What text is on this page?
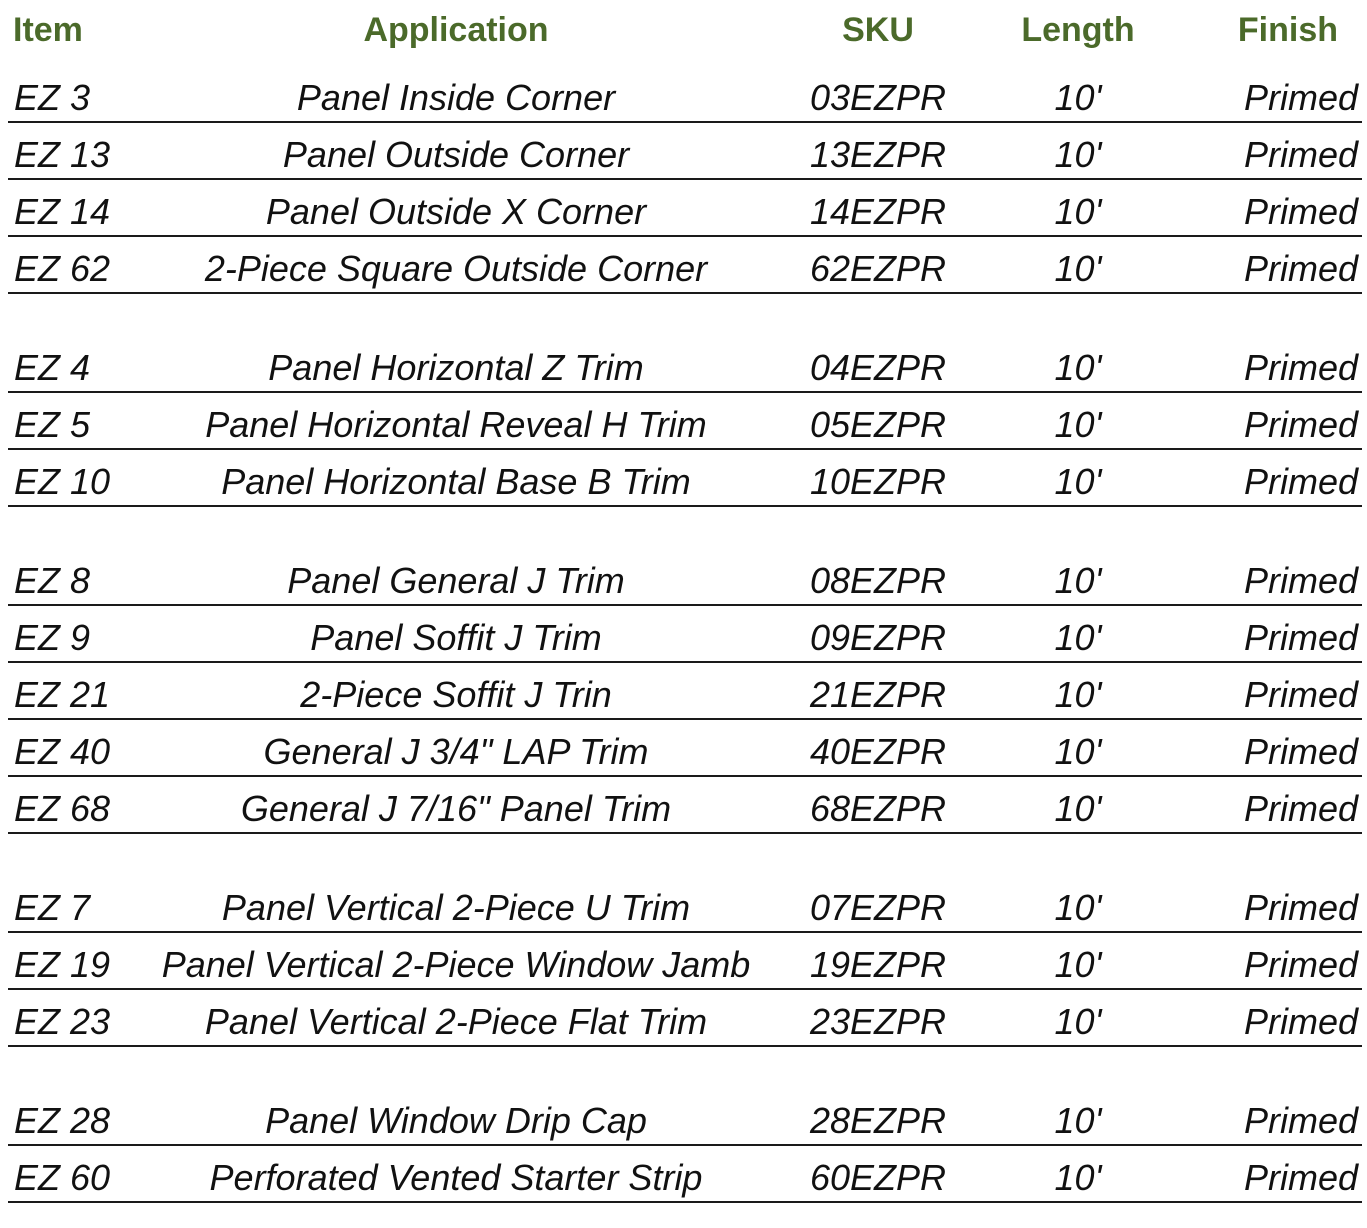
Item	Application	SKU	Length	Finish
EZ 3	Panel Inside Corner	03EZPR	10'	Primed
EZ 13	Panel Outside Corner	13EZPR	10'	Primed
EZ 14	Panel Outside X Corner	14EZPR	10'	Primed
EZ 62	2-Piece Square Outside Corner	62EZPR	10'	Primed
EZ 4	Panel Horizontal Z Trim	04EZPR	10'	Primed
EZ 5	Panel Horizontal Reveal H Trim	05EZPR	10'	Primed
EZ 10	Panel Horizontal Base B Trim	10EZPR	10'	Primed
EZ 8	Panel General J Trim	08EZPR	10'	Primed
EZ 9	Panel Soffit J Trim	09EZPR	10'	Primed
EZ 21	2-Piece Soffit J Trin	21EZPR	10'	Primed
EZ 40	General J 3/4" LAP Trim	40EZPR	10'	Primed
EZ 68	General J 7/16" Panel Trim	68EZPR	10'	Primed
EZ 7	Panel Vertical 2-Piece U Trim	07EZPR	10'	Primed
EZ 19	Panel Vertical 2-Piece Window Jamb	19EZPR	10'	Primed
EZ 23	Panel Vertical 2-Piece Flat Trim	23EZPR	10'	Primed
EZ 28	Panel Window Drip Cap	28EZPR	10'	Primed
EZ 60	Perforated Vented Starter Strip	60EZPR	10'	Primed
